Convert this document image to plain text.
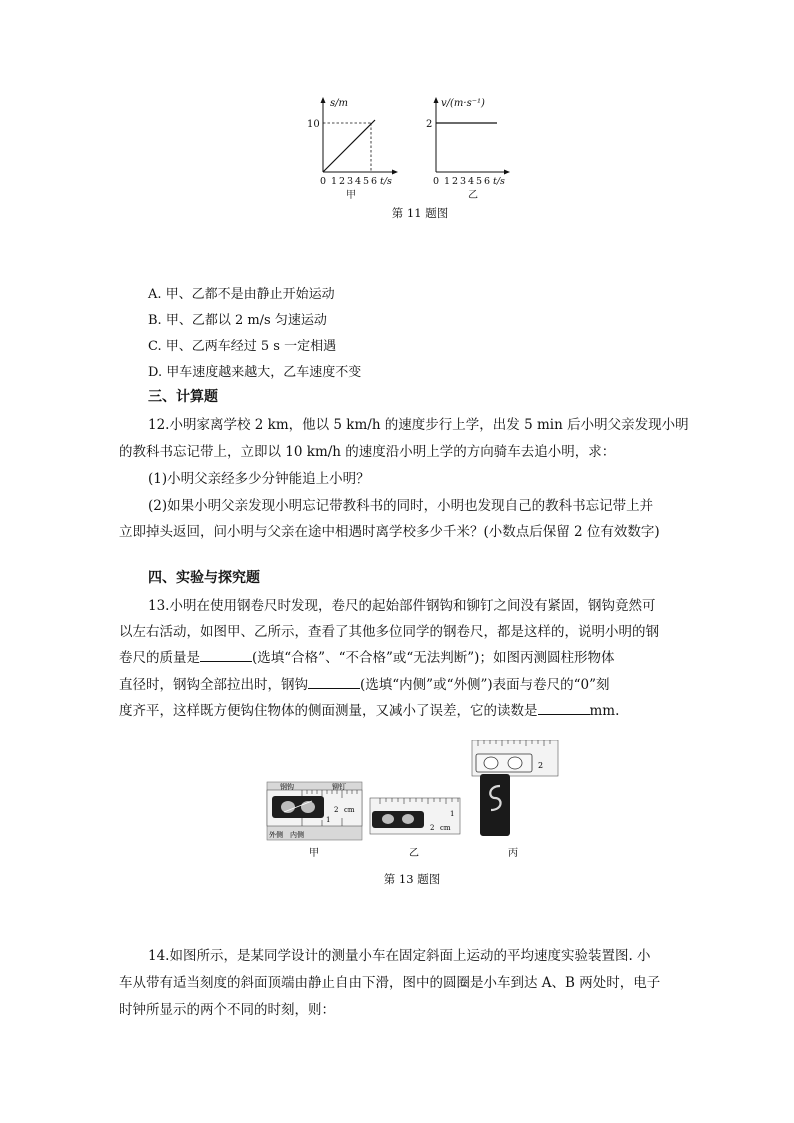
s/m
10
0 1 2 3 4 5 6 t/s
甲
v/(m·s⁻¹)
2
0 1 2 3 4 5 6 t/s
乙
第 11 题图
A. 甲、乙都不是由静止开始运动
B. 甲、乙都以 2 m/s 匀速运动
C. 甲、乙两车经过 5 s 一定相遇
D. 甲车速度越来越大，乙车速度不变
三、计算题
12.小明家离学校 2 km，他以 5 km/h 的速度步行上学，出发 5 min 后小明父亲发现小明
的教科书忘记带上，立即以 10 km/h 的速度沿小明上学的方向骑车去追小明，求：
(1)小明父亲经多少分钟能追上小明？
(2)如果小明父亲发现小明忘记带教科书的同时，小明也发现自己的教科书忘记带上并
立即掉头返回，问小明与父亲在途中相遇时离学校多少千米？(小数点后保留 2 位有效数字)
四、实验与探究题
13.小明在使用钢卷尺时发现，卷尺的起始部件钢钩和铆钉之间没有紧固，钢钩竟然可
以左右活动，如图甲、乙所示，查看了其他多位同学的钢卷尺，都是这样的，说明小明的钢
卷尺的质量是	(选填“合格”、“不合格”或“无法判断”)；如图丙测圆柱形物体
直径时，钢钩全部拉出时，钢钩	(选填“内侧”或“外侧”)表面与卷尺的“0”刻
度齐平，这样既方便钩住物体的侧面测量，又减小了误差，它的读数是	mm.
钢钩	铆钉
外侧 内侧
1
2 cm	1
2 cm
2
甲	乙	丙
第 13 题图
14.如图所示，是某同学设计的测量小车在固定斜面上运动的平均速度实验装置图. 小
车从带有适当刻度的斜面顶端由静止自由下滑，图中的圆圈是小车到达 A、B 两处时，电子
时钟所显示的两个不同的时刻，则：
